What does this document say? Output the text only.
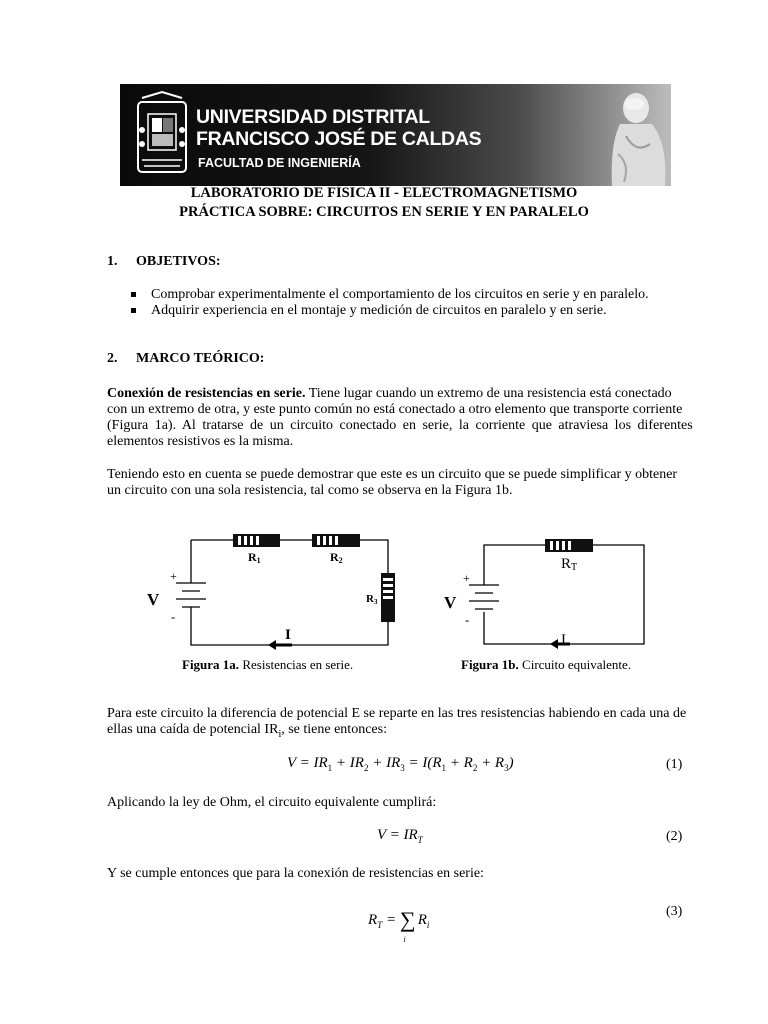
UNIVERSIDAD DISTRITAL
FRANCISCO JOSÉ DE CALDAS
FACULTAD DE INGENIERÍA
LABORATORIO DE FÍSICA II - ELECTROMAGNETISMO
PRÁCTICA SOBRE: CIRCUITOS EN SERIE Y EN PARALELO
1. OBJETIVOS:
Comprobar experimentalmente el comportamiento de los circuitos en serie y en paralelo.
Adquirir experiencia en el montaje y medición de circuitos en paralelo y en serie.
2. MARCO TEÓRICO:
Conexión de resistencias en serie. Tiene lugar cuando un extremo de una resistencia está conectado
con un extremo de otra, y este punto común no está conectado a otro elemento que transporte corriente
(Figura 1a). Al tratarse de un circuito conectado en serie, la corriente que atraviesa los diferentes
elementos resistivos es la misma.
Teniendo esto en cuenta se puede demostrar que este es un circuito que se puede simplificar y obtener
un circuito con una sola resistencia, tal como se observa en la Figura 1b.
R1	R2
R3
V
I
+
-
Figura 1a. Resistencias en serie.
RT
V
I
+
-
Figura 1b. Circuito equivalente.
Para este circuito la diferencia de potencial E se reparte en las tres resistencias habiendo en cada una de
ellas una caída de potencial $IR_i$, se tiene entonces:
$V = IR_1 + IR_2 + IR_3 = I(R_1 + R_2 + R_3)$	(1)
Aplicando la ley de Ohm, el circuito equivalente cumplirá:
$V = IR_T$	(2)
Y se cumple entonces que para la conexión de resistencias en serie:
$R_T = \sum_iR_i$
(3)
